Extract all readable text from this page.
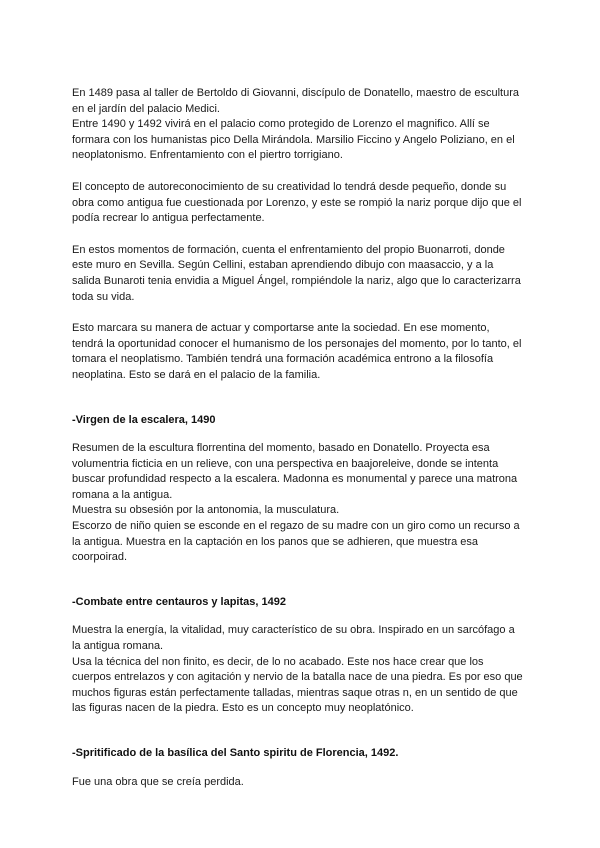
En 1489 pasa al taller de Bertoldo di Giovanni, discípulo de Donatello, maestro de escultura
en el jardín del palacio Medici.
Entre 1490 y 1492 vivirá en el palacio como protegido de Lorenzo el magnifico. Allí se
formara con los humanistas pico Della Mirándola. Marsilio Ficcino y Angelo Poliziano, en el
neoplatonismo. Enfrentamiento con el piertro torrigiano.

El concepto de autoreconocimiento de su creatividad lo tendrá desde pequeño, donde su
obra como antigua fue cuestionada por Lorenzo, y este se rompió la nariz porque dijo que el
podía recrear lo antigua perfectamente.

En estos momentos de formación, cuenta el enfrentamiento del propio Buonarroti, donde
este muro en Sevilla. Según Cellini, estaban aprendiendo dibujo con maasaccio, y a la
salida Bunaroti tenia envidia a Miguel Ángel, rompiéndole la nariz, algo que lo caracterizarra
toda su vida.

Esto marcara su manera de actuar y comportarse ante la sociedad. En ese momento,
tendrá la oportunidad conocer el humanismo de los personajes del momento, por lo tanto, el
tomara el neoplatismo. También tendrá una formación académica entrono a la filosofía
neoplatina. Esto se dará en el palacio de la familia.

-Virgen de la escalera, 1490

Resumen de la escultura florrentina del momento, basado en Donatello. Proyecta esa
volumentria ficticia en un relieve, con una perspectiva en baajoreleive, donde se intenta
buscar profundidad respecto a la escalera. Madonna es monumental y parece una matrona
romana a la antigua.
Muestra su obsesión por la antonomia, la musculatura.
Escorzo de niño quien se esconde en el regazo de su madre con un giro como un recurso a
la antigua. Muestra en la captación en los panos que se adhieren, que muestra esa
coorpoirad.

-Combate entre centauros y lapitas, 1492

Muestra la energía, la vitalidad, muy característico de su obra. Inspirado en un sarcófago a
la antigua romana.
Usa la técnica del non finito, es decir, de lo no acabado. Este nos hace crear que los
cuerpos entrelazos y con agitación y nervio de la batalla nace de una piedra. Es por eso que
muchos figuras están perfectamente talladas, mientras saque otras n, en un sentido de que
las figuras nacen de la piedra. Esto es un concepto muy neoplatónico.

-Spritificado de la basílica del Santo spiritu de Florencia, 1492.

Fue una obra que se creía perdida.
